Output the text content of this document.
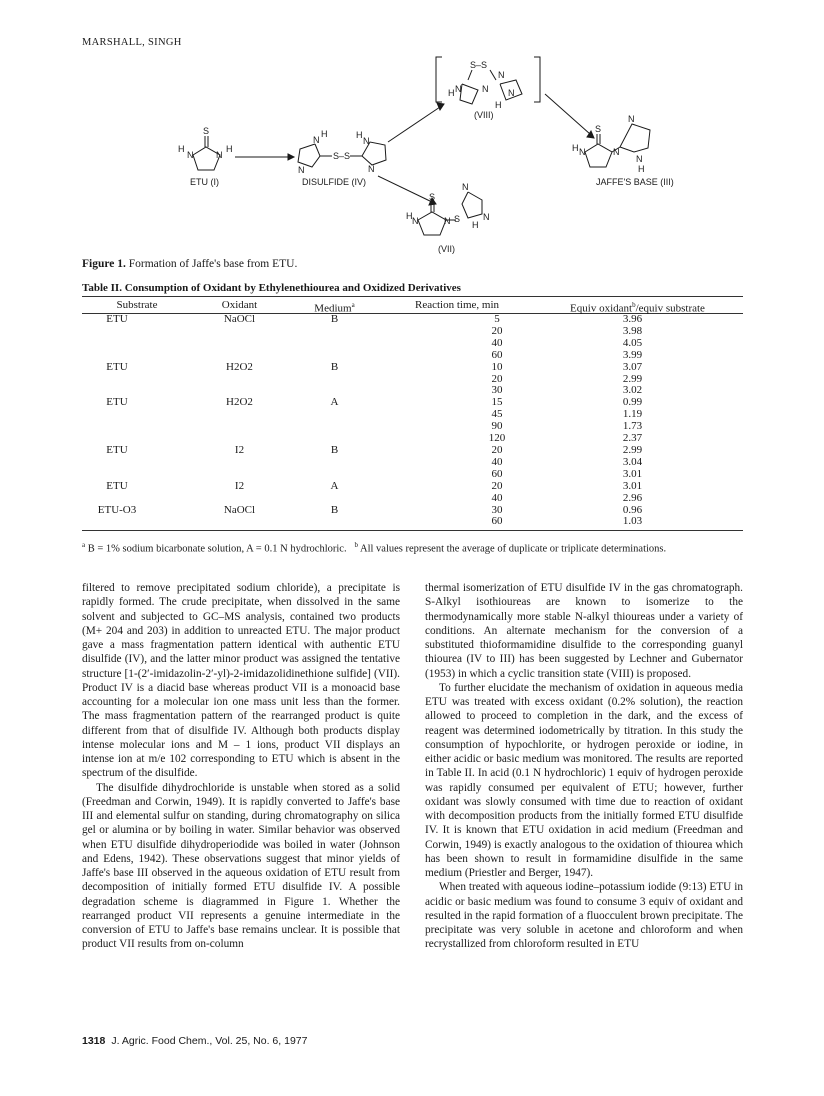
MARSHALL, SINGH
S
H
N	N
H
ETU (I)
N
H
S–S
H
N
N	N
DISULFIDE (IV)
S–S
H N N
N
N
H
(VIII)
S
H N	N
N
N
H
JAFFE'S BASE (III)
S
H N	N S
N
N
H
(VII)
Figure 1. Formation of Jaffe's base from ETU.
Table II. Consumption of Oxidant by Ethylenethiourea and Oxidized Derivatives
Substrate	Oxidant	Medium$^a$	Reaction time, min	Equiv oxidant$^b$/equiv substrate
ETU	NaOCl	B	5	3.96
			20	3.98
			40	4.05
			60	3.99
ETU	H2O2	B	10	3.07
			20	2.99
			30	3.02
ETU	H2O2	A	15	0.99
			45	1.19
			90	1.73
			120	2.37
ETU	I2	B	20	2.99
			40	3.04
			60	3.01
ETU	I2	A	20	3.01
			40	2.96
ETU-O3	NaOCl	B	30	0.96
			60	1.03
$^a$ B = 1% sodium bicarbonate solution, A = 0.1 N hydrochloric. $^b$ All values represent the average of duplicate or triplicate determinations.

filtered to remove precipitated sodium chloride), a precipitate is rapidly formed. The crude precipitate, when dissolved in the same solvent and subjected to GC–MS analysis, contained two products (M+ 204 and 203) in addition to unreacted ETU. The major product gave a mass fragmentation pattern identical with authentic ETU disulfide (IV), and the latter minor product was assigned the tentative structure [1-(2′-imidazolin-2′-yl)-2-imidazolidinethione sulfide] (VII). Product IV is a diacid base whereas product VII is a monoacid base accounting for a molecular ion one mass unit less than the former. The mass fragmentation pattern of the rearranged product is quite different from that of disulfide IV. Although both products display intense molecular ions and M – 1 ions, product VII displays an intense ion at m/e 102 corresponding to ETU which is absent in the spectrum of the disulfide.

The disulfide dihydrochloride is unstable when stored as a solid (Freedman and Corwin, 1949). It is rapidly converted to Jaffe's base III and elemental sulfur on standing, during chromatography on silica gel or alumina or by boiling in water. Similar behavior was observed when ETU disulfide dihydroperiodide was boiled in water (Johnson and Edens, 1942). These observations suggest that minor yields of Jaffe's base III observed in the aqueous oxidation of ETU result from decomposition of initially formed ETU disulfide IV. A possible degradation scheme is diagrammed in Figure 1. Whether the rearranged product VII represents a genuine intermediate in the conversion of ETU to Jaffe's base remains unclear. It is possible that product VII results from on-column

thermal isomerization of ETU disulfide IV in the gas chromatograph. S-Alkyl isothioureas are known to isomerize to the thermodynamically more stable N-alkyl thioureas under a variety of conditions. An alternate mechanism for the conversion of a substituted thioformamidine disulfide to the corresponding guanyl thiourea (IV to III) has been suggested by Lechner and Gubernator (1953) in which a cyclic transition state (VIII) is proposed.

To further elucidate the mechanism of oxidation in aqueous media ETU was treated with excess oxidant (0.2% solution), the reaction allowed to proceed to completion in the dark, and the excess of reagent was determined iodometrically by titration. In this study the consumption of hypochlorite, or hydrogen peroxide or iodine, in either acidic or basic medium was monitored. The results are reported in Table II. In acid (0.1 N hydrochloric) 1 equiv of hydrogen peroxide was rapidly consumed per equivalent of ETU; however, further oxidant was slowly consumed with time due to reaction of oxidant with decomposition products from the initially formed ETU disulfide IV. It is known that ETU oxidation in acid medium (Freedman and Corwin, 1949) is exactly analogous to the oxidation of thiourea which has been shown to result in formamidine disulfide in the same medium (Priestler and Berger, 1947).

When treated with aqueous iodine–potassium iodide (9:13) ETU in acidic or basic medium was found to consume 3 equiv of oxidant and resulted in the rapid formation of a fluocculent brown precipitate. The precipitate was very soluble in acetone and chloroform and when recrystallized from chloroform resulted in ETU

1318 J. Agric. Food Chem., Vol. 25, No. 6, 1977
